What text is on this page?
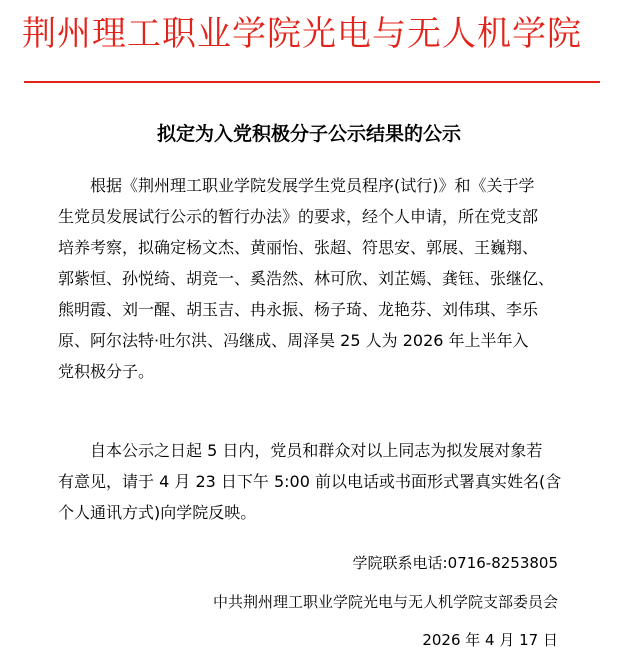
荆州理工职业学院光电与无人机学院
拟定为入党积极分子公示结果的公示
根据《荆州理工职业学院发展学生党员程序(试行)》和《关于学
生党员发展试行公示的暂行办法》的要求，经个人申请，所在党支部
培养考察，拟确定杨文杰、黄丽怡、张超、符思安、郭展、王巍翔、
郭紫恒、孙悦绮、胡竞一、奚浩然、林可欣、刘芷嫣、龚钰、张继亿、
熊明霞、刘一醒、胡玉吉、冉永振、杨子琦、龙艳芬、刘伟琪、李乐
原、阿尔法特·吐尔洪、冯继成、周泽昊 25 人为 2026 年上半年入
党积极分子。
自本公示之日起 5 日内，党员和群众对以上同志为拟发展对象若
有意见，请于 4 月 23 日下午 5:00 前以电话或书面形式署真实姓名(含
个人通讯方式)向学院反映。
学院联系电话:0716-8253805
中共荆州理工职业学院光电与无人机学院支部委员会
2026 年 4 月 17 日
